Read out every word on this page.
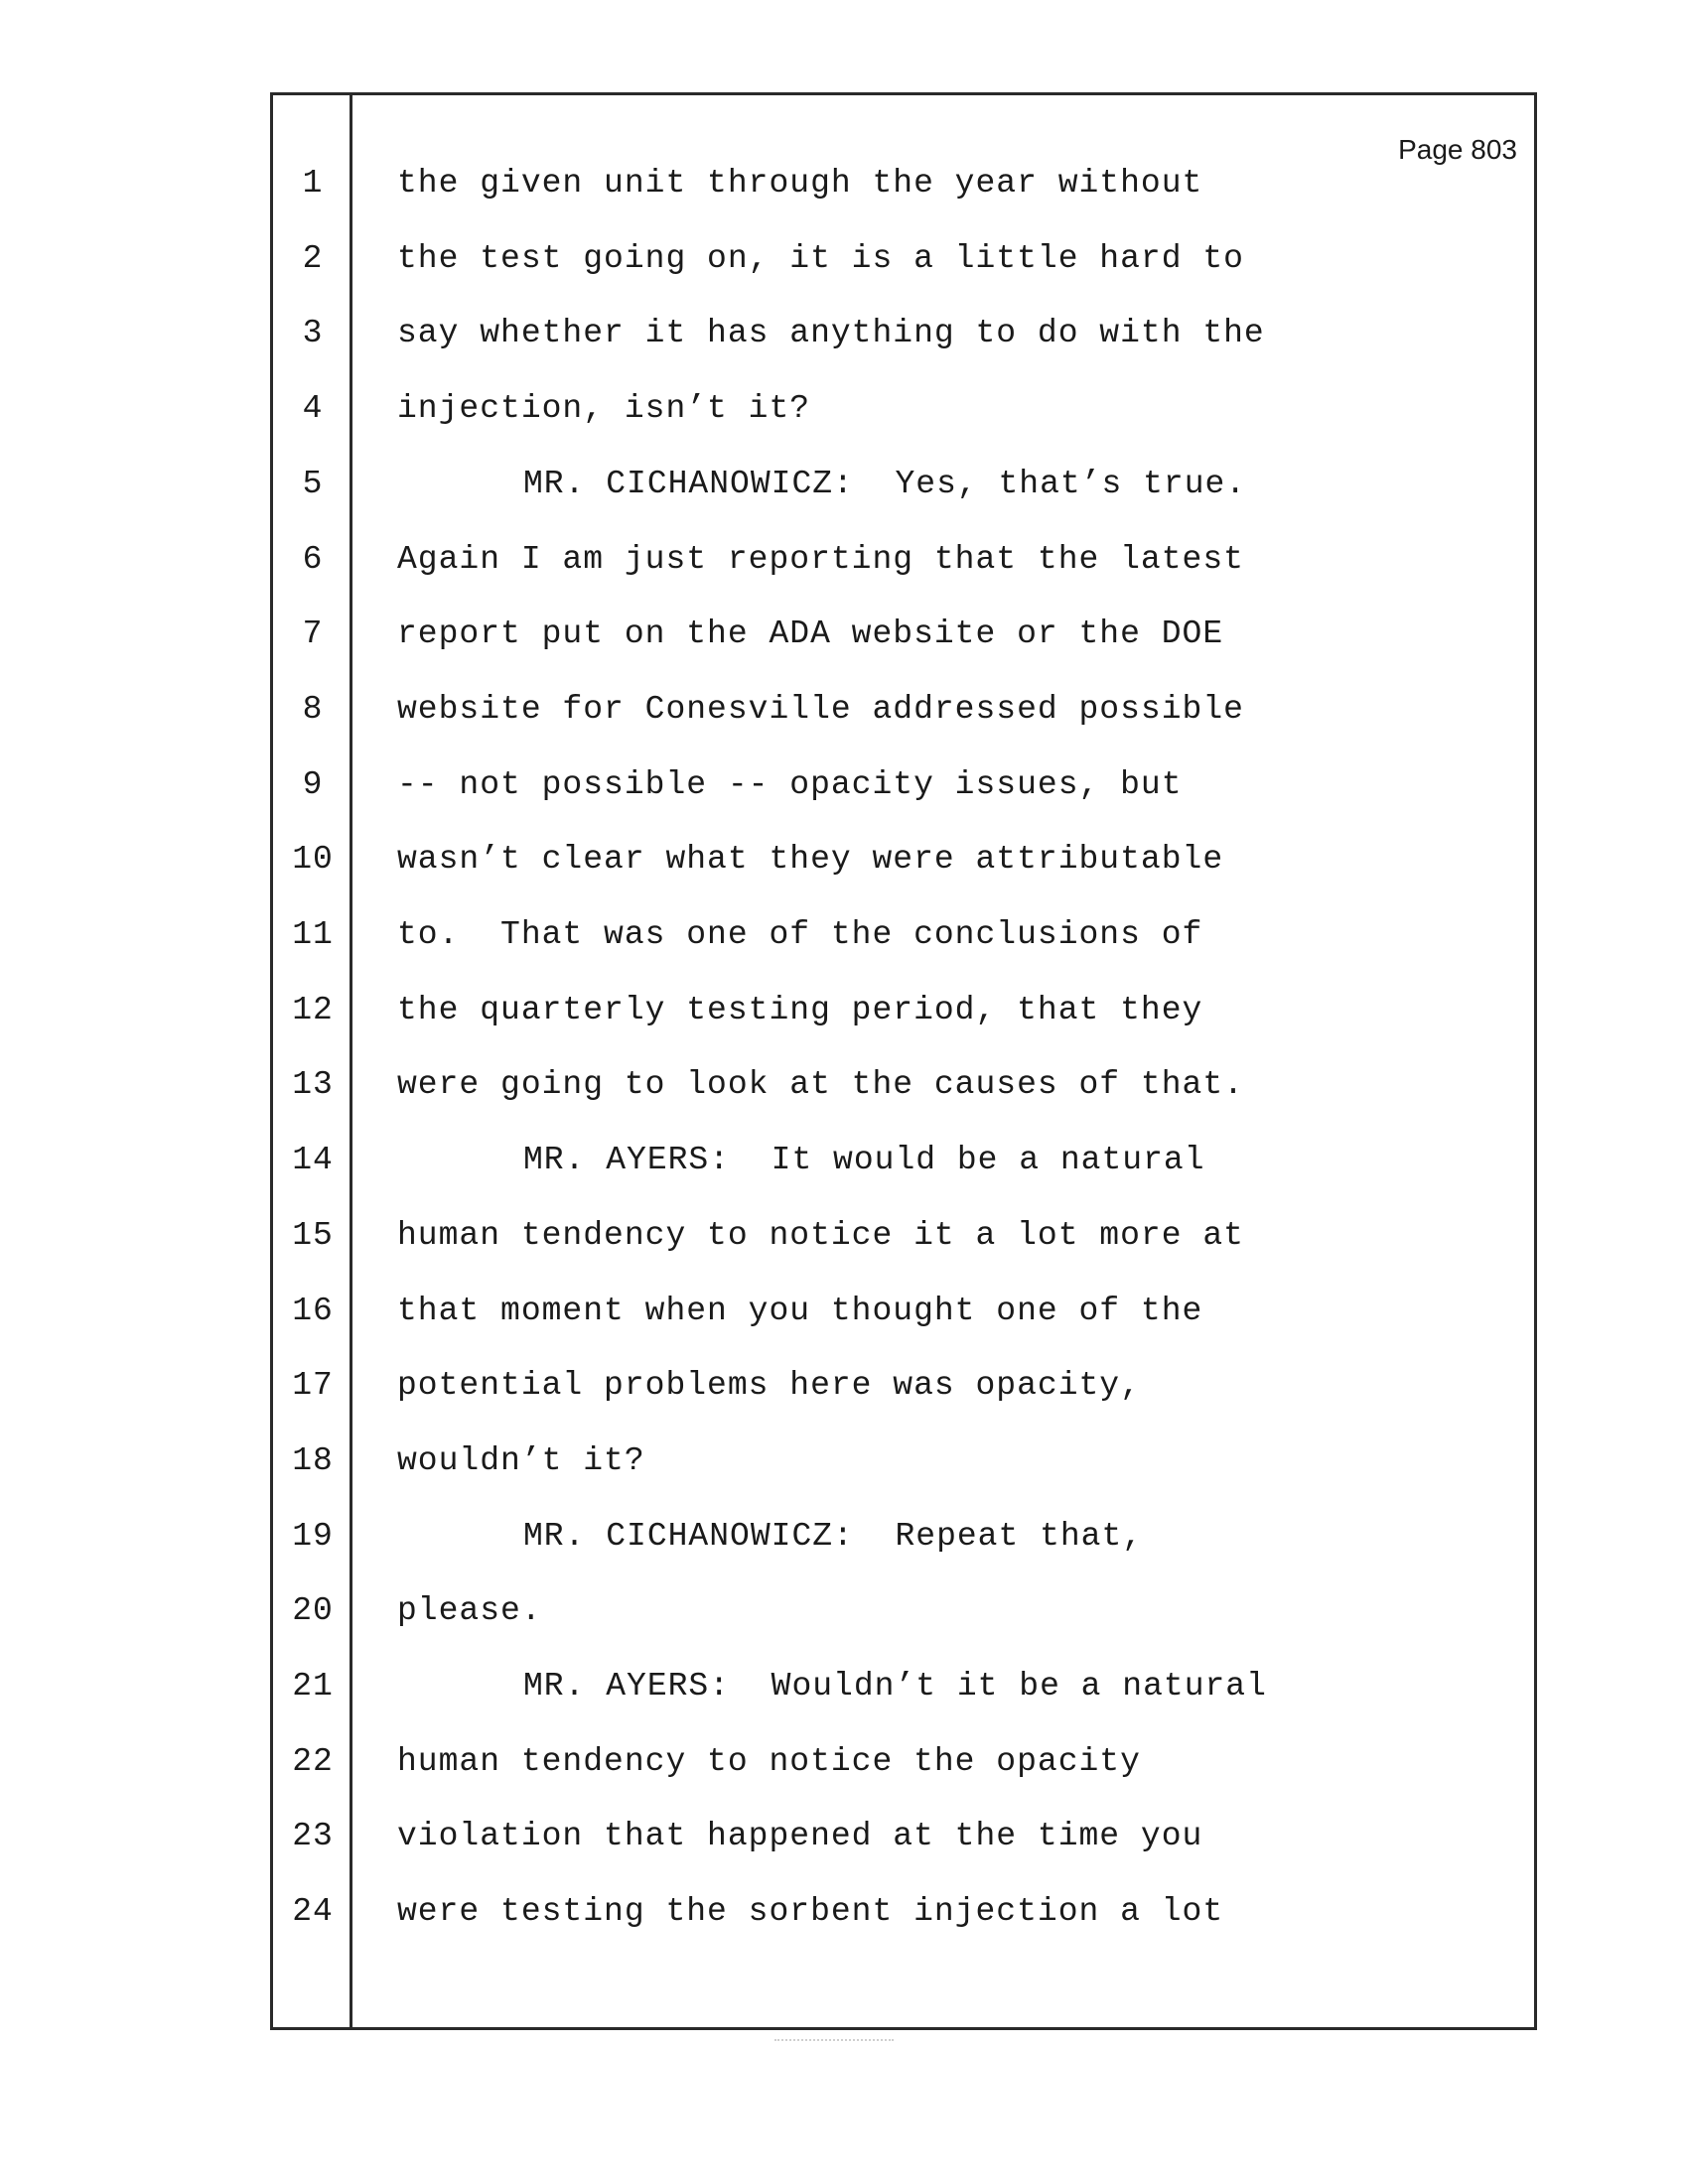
Page 803
1	the given unit through the year without
2	the test going on, it is a little hard to
3	say whether it has anything to do with the
4	injection, isn’t it?
5	MR. CICHANOWICZ:  Yes, that’s true.
6	Again I am just reporting that the latest
7	report put on the ADA website or the DOE
8	website for Conesville addressed possible
9	-- not possible -- opacity issues, but
10 wasn’t clear what they were attributable
11 to.  That was one of the conclusions of
12 the quarterly testing period, that they
13 were going to look at the causes of that.
14	MR. AYERS:  It would be a natural
15 human tendency to notice it a lot more at
16 that moment when you thought one of the
17 potential problems here was opacity,
18 wouldn’t it?
19	MR. CICHANOWICZ:  Repeat that,
20 please.
21	MR. AYERS:  Wouldn’t it be a natural
22 human tendency to notice the opacity
23 violation that happened at the time you
24 were testing the sorbent injection a lot
